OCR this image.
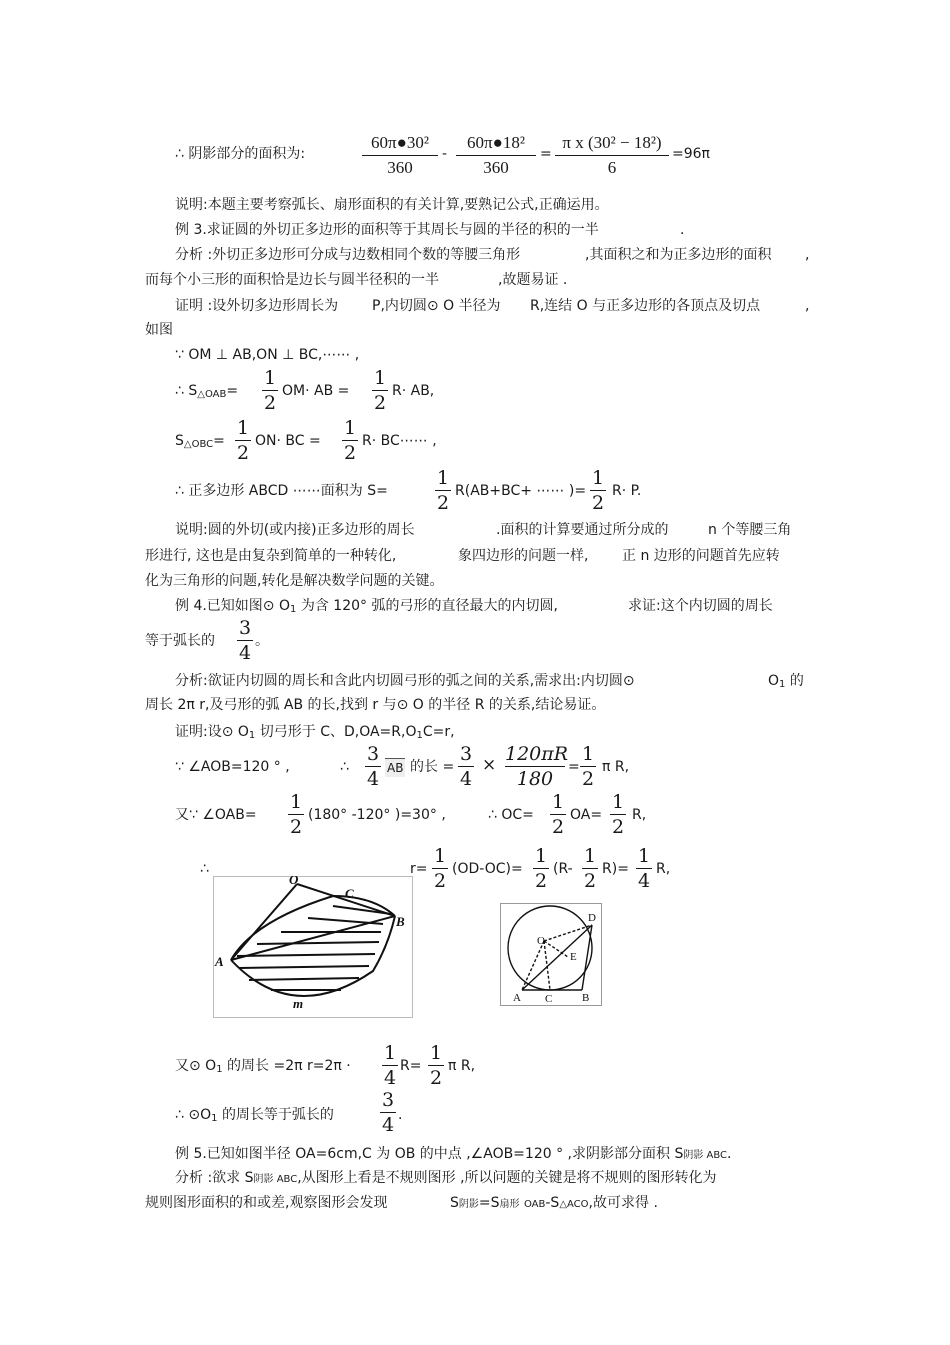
∴ 阴影部分的面积为:
60π●30²
360
-
60π●18²
360
=
π x (30² − 18²)
6
=96π
说明:本题主要考察弧长、扇形面积的有关计算,要熟记公式,正确运用。
例 3.求证圆的外切正多边形的面积等于其周长与圆的半径的积的一半	.
分析 :外切正多边形可分成与边数相同个数的等腰三角形	,其面积之和为正多边形的面积 ,
而每个小三形的面积恰是边长与圆半径积的一半	,故题易证 .
证明 :设外切多边形周长为 P,内切圆⊙ O 半径为 R,连结 O 与正多边形的各顶点及切点	,
如图
∵ OM ⊥ AB,ON ⊥ BC,⋯⋯ ,
∴ $S_{\triangle OAB}=$
1
2
OM· AB =
1
2
R· AB,
$S_{\triangle OBC}=$
1
2
ON· BC =
1
2
R· BC⋯⋯ ,
∴ 正多边形 ABCD ⋯⋯面积为 S=
1
2
R(AB+BC+ ⋯⋯ )=
1
2
R· P.
说明:圆的外切(或内接)正多边形的周长	.面积的计算要通过所分成的	n 个等腰三角
形进行, 这也是由复杂到简单的一种转化,	象四边形的问题一样, 正 n 边形的问题首先应转
化为三角形的问题,转化是解决数学问题的关键。
例 4.已知如图⊙ $O_1$ 为含 120° 弧的弓形的直径最大的内切圆,	求证:这个内切圆的周长
等于弧长的
3
4
。
分析:欲证内切圆的周长和含此内切圆弓形的弧之间的关系,需求出:内切圆⊙	$O_1$ 的
周长 2π r,及弓形的弧 AB 的长,找到 r 与⊙ O 的半径 R 的关系,结论易证。
证明:设⊙ $O_1$ 切弓形于 C、$D,OA=R,O_1C=r$,
∵ ∠AOB=120 ° ,	∴
3
4 AB 的长 =
3
4
× 120πR
180
=
1
2
π R,
又∵ ∠OAB=
1
2
(180° -120° )=30° ,	∴ OC=
1
2
OA=
1
2
R,
∴	r=
1
2
(OD-OC)=
1
2
(R-
1
2
R)=
1
4
R,
O
C
B
A
m
O
D
E
A C	B
又⊙ $O_1$ 的周长 =2π r=2π ·
1
4
R=
1
2
π R,
∴ $⊙O_1$ 的周长等于弧长的
3
4 .
例 5.已知如图半径 OA=6cm,C 为 OB 的中点 ,∠AOB=120 ° ,求阴影部分面积 S阴影 ABC.
分析 :欲求 S阴影 ABC,从图形上看是不规则图形 ,所以问题的关键是将不规则的图形转化为
规则图形面积的和或差,观察图形会发现	S阴影=S扇形 OAB-S△ACO,故可求得 .
